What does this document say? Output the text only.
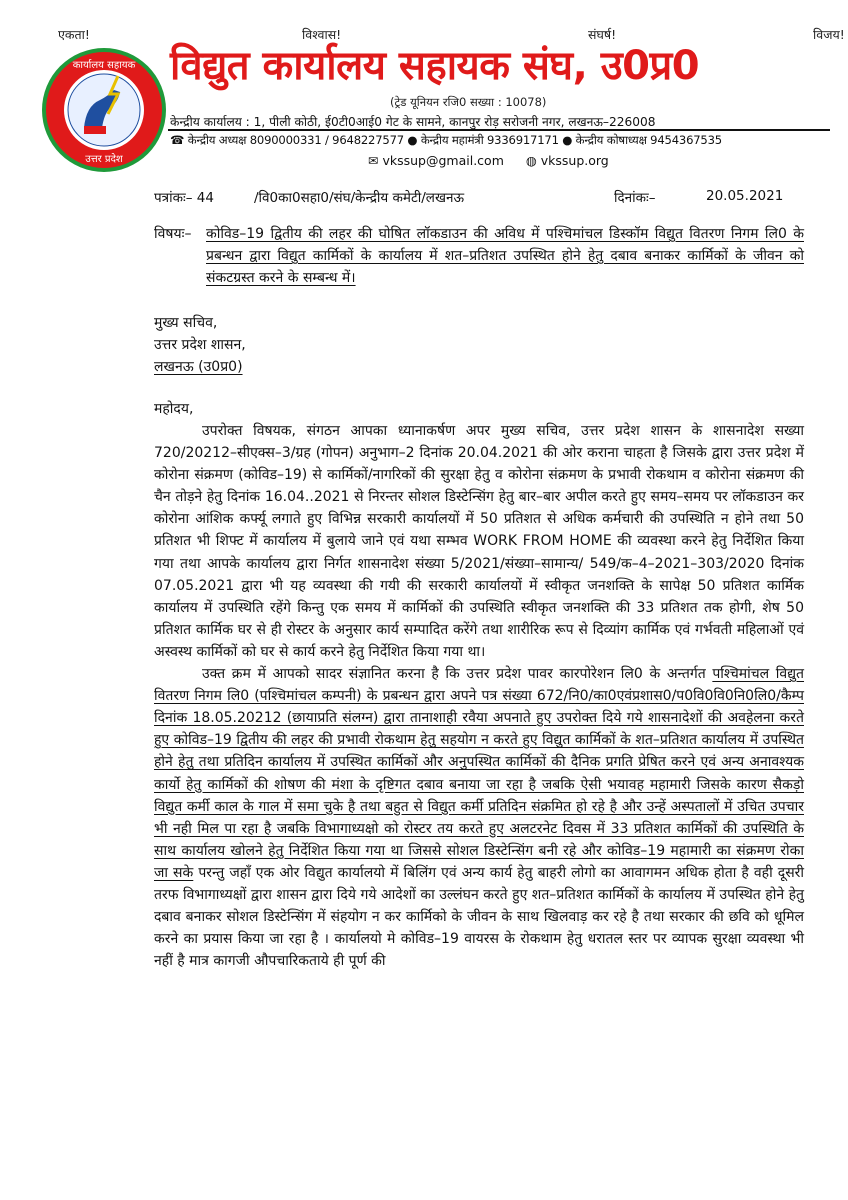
एकता!	विश्वास!	संघर्ष!	विजय!
कार्यालय सहायक
उत्तर प्रदेश
विद्युत कार्यालय सहायक संघ, उ0प्र0
(ट्रेड यूनियन रजि0 सख्या : 10078)
केन्द्रीय कार्यालय : 1, पीली कोठी, ई0टी0आई0 गेट के सामने, कानपुर रोड़ सरोजनी नगर, लखनऊ–226008
☎ केन्द्रीय अध्यक्ष 8090000331 / 9648227577 ● केन्द्रीय महामंत्री 9336917171 ● केन्द्रीय कोषाध्यक्ष 9454367535
✉ vkssup@gmail.com ◍ vkssup.org
पत्रांकः– 44	/वि0का0सहा0/संघ/केन्द्रीय कमेटी/लखनऊ	दिनांकः–	20.05.2021
विषयः– कोविड–19 द्वितीय की लहर की घोषित लॉकडाउन की अविध में पश्चिमांचल डिस्कॉम विद्युत वितरण निगम लि0 के प्रबन्धन द्वारा विद्युत कार्मिकों के कार्यालय में शत–प्रतिशत उपस्थित होने हेतु दबाव बनाकर कार्मिकों के जीवन को संकटग्रस्त करने के सम्बन्ध में।
मुख्य सचिव,
उत्तर प्रदेश शासन,
लखनऊ (उ0प्र0)
महोदय,

उपरोक्त विषयक, संगठन आपका ध्यानाकर्षण अपर मुख्य सचिव, उत्तर प्रदेश शासन के शासनादेश सख्या 720/20212–सीएक्स–3/ग्रह (गोपन) अनुभाग–2 दिनांक 20.04.2021 की ओर कराना चाहता है जिसके द्वारा उत्तर प्रदेश में कोरोना संक्रमण (कोविड–19) से कार्मिकों/नागरिकों की सुरक्षा हेतु व कोरोना संक्रमण के प्रभावी रोकथाम व कोरोना संक्रमण की चैन तोड़ने हेतु दिनांक 16.04..2021 से निरन्तर सोशल डिस्टेन्सिंग हेतु बार–बार अपील करते हुए समय–समय पर लॉकडाउन कर कोरोना आंशिक कर्फ्यू लगाते हुए विभिन्न सरकारी कार्यालयों में 50 प्रतिशत से अधिक कर्मचारी की उपस्थिति न होने तथा 50 प्रतिशत भी शिफ्ट में कार्यालय में बुलाये जाने एवं यथा सम्भव WORK FROM HOME की व्यवस्था करने हेतु निर्देशित किया गया तथा आपके कार्यालय द्वारा निर्गत शासनादेश संख्या 5/2021/संख्या–सामान्य/ 549/क–4–2021–303/2020 दिनांक 07.05.2021 द्वारा भी यह व्यवस्था की गयी की सरकारी कार्यालयों में स्वीकृत जनशक्ति के सापेक्ष 50 प्रतिशत कार्मिक कार्यालय में उपस्थिति रहेंगे किन्तु एक समय में कार्मिकों की उपस्थिति स्वीकृत जनशक्ति की 33 प्रतिशत तक होगी, शेष 50 प्रतिशत कार्मिक घर से ही रोस्टर के अनुसार कार्य सम्पादित करेंगे तथा शारीरिक रूप से दिव्यांग कार्मिक एवं गर्भवती महिलाओं एवं अस्वस्थ कार्मिकों को घर से कार्य करने हेतु निर्देशित किया गया था।

उक्त क्रम में आपको सादर संज्ञानित करना है कि उत्तर प्रदेश पावर कारपोरेशन लि0 के अन्तर्गत पश्चिमांचल विद्युत वितरण निगम लि0 (पश्चिमांचल कम्पनी) के प्रबन्धन द्वारा अपने पत्र संख्या 672/नि0/का0एवंप्रशास0/प0वि0वि0नि0लि0/कैम्प दिनांक 18.05.20212 (छायाप्रति संलग्न) द्वारा तानाशाही रवैया अपनाते हुए उपरोक्त दिये गये शासनादेशों की अवहेलना करते हुए कोविड–19 द्वितीय की लहर की प्रभावी रोकथाम हेतु सहयोग न करते हुए विद्युत कार्मिकों के शत–प्रतिशत कार्यालय में उपस्थित होने हेतु तथा प्रतिदिन कार्यालय में उपस्थित कार्मिकों और अनुपस्थित कार्मिकों की दैनिक प्रगति प्रेषित करने एवं अन्य अनावश्यक कार्यो हेतु कार्मिकों की शोषण की मंशा के दृष्टिगत दबाव बनाया जा रहा है जबकि ऐसी भयावह महामारी जिसके कारण सैकड़ो विद्युत कर्मी काल के गाल में समा चुके है तथा बहुत से विद्युत कर्मी प्रतिदिन संक्रमित हो रहे है और उन्हें अस्पतालों में उचित उपचार भी नही मिल पा रहा है जबकि विभागाध्यक्षो को रोस्टर तय करते हुए अलटरनेट दिवस में 33 प्रतिशत कार्मिकों की उपस्थिति के साथ कार्यालय खोलने हेतु निर्देशित किया गया था जिससे सोशल डिस्टेन्सिंग बनी रहे और कोविड–19 महामारी का संक्रमण रोका जा सके परन्तु जहॉं एक ओर विद्युत कार्यालयो में बिलिंग एवं अन्य कार्य हेतु बाहरी लोगो का आवागमन अधिक होता है वही दूसरी तरफ विभागाध्यक्षों द्वारा शासन द्वारा दिये गये आदेशों का उल्लंघन करते हुए शत–प्रतिशत कार्मिकों के कार्यालय में उपस्थित होने हेतु दबाव बनाकर सोशल डिस्टेन्सिंग में संहयोग न कर कार्मिको के जीवन के साथ खिलवाड़ कर रहे है तथा सरकार की छवि को धूमिल करने का प्रयास किया जा रहा है । कार्यालयो मे कोविड–19 वायरस के रोकथाम हेतु धरातल स्तर पर व्यापक सुरक्षा व्यवस्था भी नहीं है मात्र कागजी औपचारिकताये ही पूर्ण की
